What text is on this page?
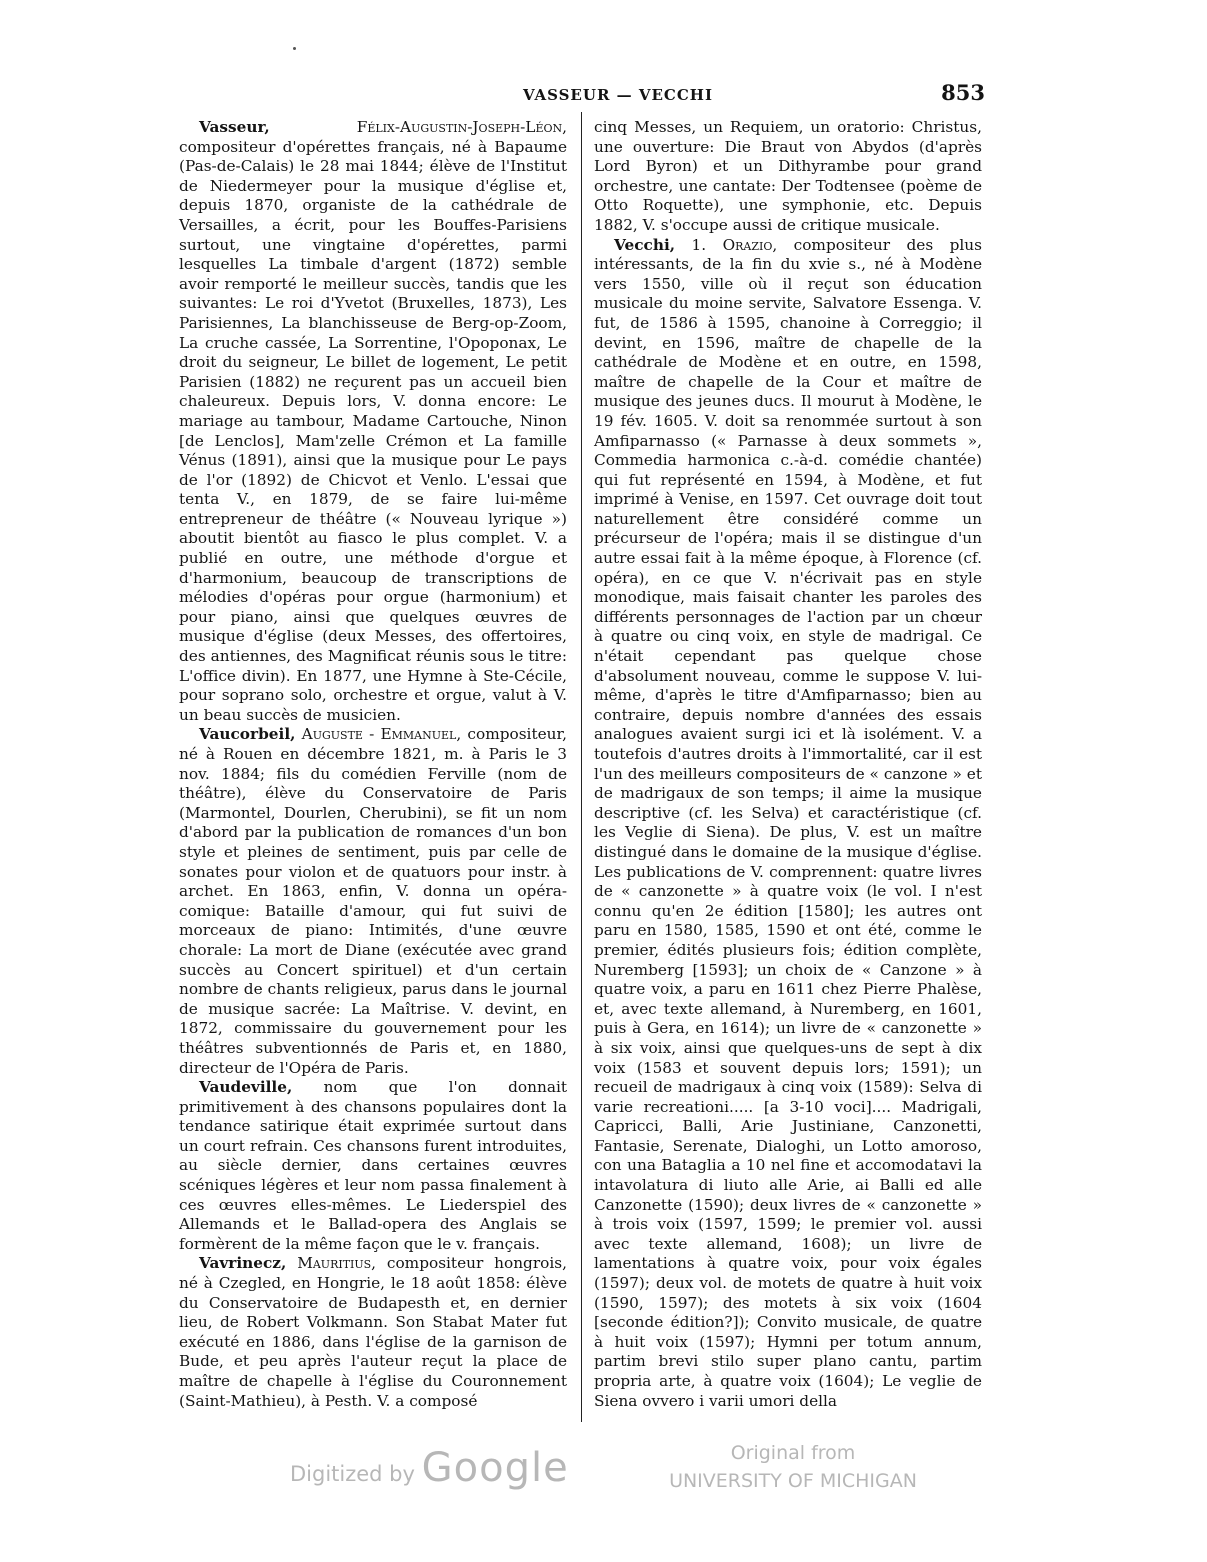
VASSEUR — VECCHI	853

Vasseur,	Félix-Augustin-Joseph-Léon, compositeur d'opérettes français, né à Bapaume (Pas-de-Calais) le 28 mai 1844; élève de l'Institut de Niedermeyer pour la musique d'église et, depuis 1870, organiste de la cathédrale de Versailles, a écrit, pour les Bouffes-Parisiens surtout, une vingtaine d'opérettes, parmi lesquelles La timbale d'argent (1872) semble avoir remporté le meilleur succès, tandis que les suivantes: Le roi d'Yvetot (Bruxelles, 1873), Les Parisiennes, La blanchisseuse de Berg-op-Zoom, La cruche cassée, La Sorrentine, l'Opoponax, Le droit du seigneur, Le billet de logement, Le petit Parisien (1882) ne reçurent pas un accueil bien chaleureux. Depuis lors, V. donna encore: Le mariage au tambour, Madame Cartouche, Ninon [de Lenclos], Mam'zelle Crémon et La famille Vénus (1891), ainsi que la musique pour Le pays de l'or (1892) de Chicvot et Venlo. L'essai que tenta V., en 1879, de se faire lui-même entrepreneur de théâtre (« Nouveau lyrique ») aboutit bientôt au fiasco le plus complet. V. a publié en outre, une méthode d'orgue et d'harmonium, beaucoup de transcriptions de mélodies d'opéras pour orgue (harmonium) et pour piano, ainsi que quelques œuvres de musique d'église (deux Messes, des offertoires, des antiennes, des Magnificat réunis sous le titre: L'office divin). En 1877, une Hymne à Ste-Cécile, pour soprano solo, orchestre et orgue, valut à V. un beau succès de musicien.

Vaucorbeil, Auguste - Emmanuel, compositeur, né à Rouen en décembre 1821, m. à Paris le 3 nov. 1884; fils du comédien Ferville (nom de théâtre), élève du Conservatoire de Paris (Marmontel, Dourlen, Cherubini), se fit un nom d'abord par la publication de romances d'un bon style et pleines de sentiment, puis par celle de sonates pour violon et de quatuors pour instr. à archet. En 1863, enfin, V. donna un opéra-comique: Bataille d'amour, qui fut suivi de morceaux de piano: Intimités, d'une œuvre chorale: La mort de Diane (exécutée avec grand succès au Concert spirituel) et d'un certain nombre de chants religieux, parus dans le journal de musique sacrée: La Maîtrise. V. devint, en 1872, commissaire du gouvernement pour les théâtres subventionnés de Paris et, en 1880, directeur de l'Opéra de Paris.

Vaudeville, nom que l'on donnait primitivement à des chansons populaires dont la tendance satirique était exprimée surtout dans un court refrain. Ces chansons furent introduites, au siècle dernier, dans certaines œuvres scéniques légères et leur nom passa finalement à ces œuvres elles-mêmes. Le Liederspiel des Allemands et le Ballad-opera des Anglais se formèrent de la même façon que le v. français.

Vavrinecz, Mauritius, compositeur hongrois, né à Czegled, en Hongrie, le 18 août 1858: élève du Conservatoire de Budapesth et, en dernier lieu, de Robert Volkmann. Son Stabat Mater fut exécuté en 1886, dans l'église de la garnison de Bude, et peu après l'auteur reçut la place de maître de chapelle à l'église du Couronnement (Saint-Mathieu), à Pesth. V. a composé

cinq Messes, un Requiem, un oratorio: Christus, une ouverture: Die Braut von Abydos (d'après Lord Byron) et un Dithyrambe pour grand orchestre, une cantate: Der Todtensee (poème de Otto Roquette), une symphonie, etc. Depuis 1882, V. s'occupe aussi de critique musicale.

Vecchi, 1. Orazio, compositeur des plus intéressants, de la fin du xvie s., né à Modène vers 1550, ville où il reçut son éducation musicale du moine servite, Salvatore Essenga. V. fut, de 1586 à 1595, chanoine à Correggio; il devint, en 1596, maître de chapelle de la cathédrale de Modène et en outre, en 1598, maître de chapelle de la Cour et maître de musique des jeunes ducs. Il mourut à Modène, le 19 fév. 1605. V. doit sa renommée surtout à son Amfiparnasso (« Parnasse à deux sommets », Commedia harmonica c.-à-d. comédie chantée) qui fut représenté en 1594, à Modène, et fut imprimé à Venise, en 1597. Cet ouvrage doit tout naturellement être considéré comme un précurseur de l'opéra; mais il se distingue d'un autre essai fait à la même époque, à Florence (cf. opéra), en ce que V. n'écrivait pas en style monodique, mais faisait chanter les paroles des différents personnages de l'action par un chœur à quatre ou cinq voix, en style de madrigal. Ce n'était cependant pas quelque chose d'absolument nouveau, comme le suppose V. lui-même, d'après le titre d'Amfiparnasso; bien au contraire, depuis nombre d'années des essais analogues avaient surgi ici et là isolément. V. a toutefois d'autres droits à l'immortalité, car il est l'un des meilleurs compositeurs de « canzone » et de madrigaux de son temps; il aime la musique descriptive (cf. les Selva) et caractéristique (cf. les Veglie di Siena). De plus, V. est un maître distingué dans le domaine de la musique d'église. Les publications de V. comprennent: quatre livres de « canzonette » à quatre voix (le vol. I n'est connu qu'en 2e édition [1580]; les autres ont paru en 1580, 1585, 1590 et ont été, comme le premier, édités plusieurs fois; édition complète, Nuremberg [1593]; un choix de « Canzone » à quatre voix, a paru en 1611 chez Pierre Phalèse, et, avec texte allemand, à Nuremberg, en 1601, puis à Gera, en 1614); un livre de « canzonette » à six voix, ainsi que quelques-uns de sept à dix voix (1583 et souvent depuis lors; 1591); un recueil de madrigaux à cinq voix (1589): Selva di varie recreationi..... [a 3-10 voci].... Madrigali, Capricci, Balli, Arie Justiniane, Canzonetti, Fantasie, Serenate, Dialoghi, un Lotto amoroso, con una Bataglia a 10 nel fine et accomodatavi la intavolatura di liuto alle Arie, ai Balli ed alle Canzonette (1590); deux livres de « canzonette » à trois voix (1597, 1599; le premier vol. aussi avec texte allemand, 1608); un livre de lamentations à quatre voix, pour voix égales (1597); deux vol. de motets de quatre à huit voix (1590, 1597); des motets à six voix (1604 [seconde édition?]); Convito musicale, de quatre à huit voix (1597); Hymni per totum annum, partim brevi stilo super plano cantu, partim propria arte, à quatre voix (1604); Le veglie de Siena ovvero i varii umori della

Digitized by Google	Original from
UNIVERSITY OF MICHIGAN
